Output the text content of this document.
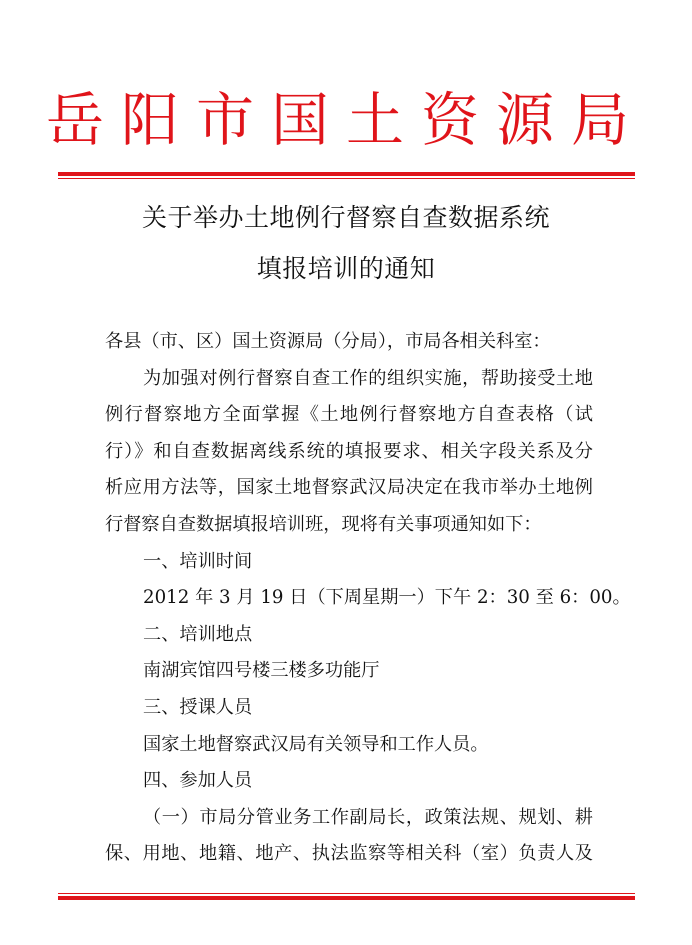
岳阳市国土资源局
关于举办土地例行督察自查数据系统
填报培训的通知
各县（市、区）国土资源局（分局），市局各相关科室：
为加强对例行督察自查工作的组织实施，帮助接受土地
例行督察地方全面掌握《土地例行督察地方自查表格（试
行）》和自查数据离线系统的填报要求、相关字段关系及分
析应用方法等，国家土地督察武汉局决定在我市举办土地例
行督察自查数据填报培训班，现将有关事项通知如下：
一、培训时间
2012 年 3 月 19 日（下周星期一）下午 2：30 至 6：00。
二、培训地点
南湖宾馆四号楼三楼多功能厅
三、授课人员
国家土地督察武汉局有关领导和工作人员。
四、参加人员
（一）市局分管业务工作副局长，政策法规、规划、耕
保、用地、地籍、地产、执法监察等相关科（室）负责人及
